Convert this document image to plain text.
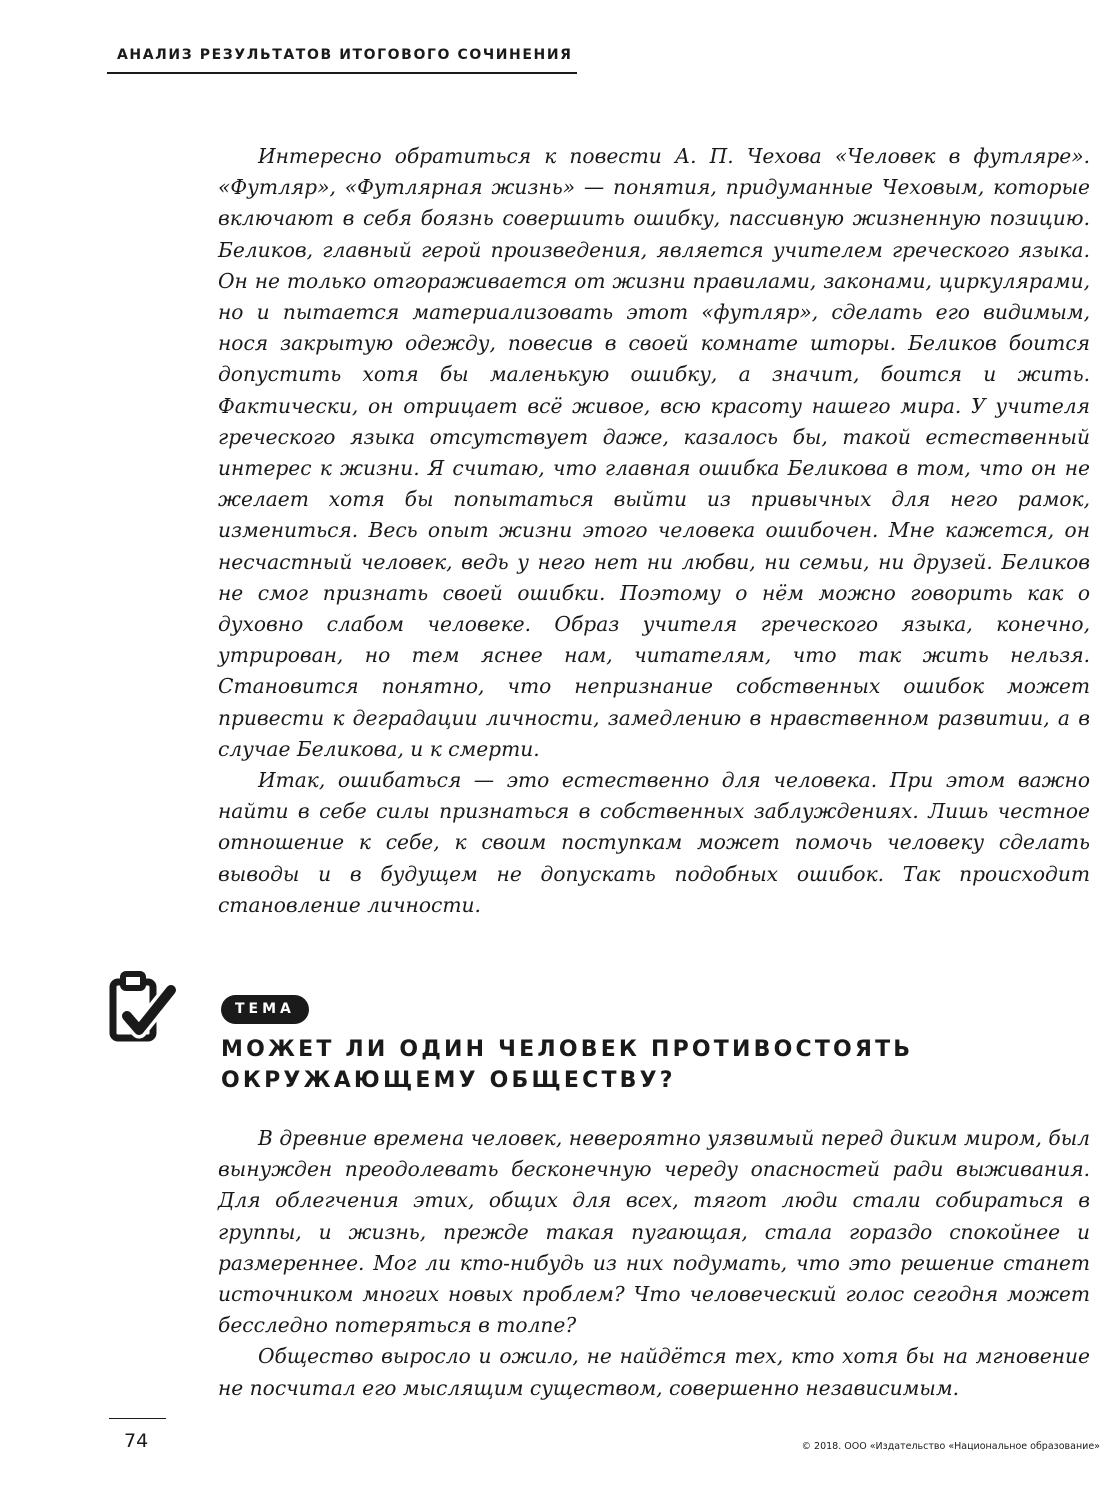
АНАЛИЗ РЕЗУЛЬТАТОВ ИТОГОВОГО СОЧИНЕНИЯ

Интересно обратиться к повести А. П. Чехова «Человек в футляре». «Футляр», «Футлярная жизнь» — понятия, придуманные Чеховым, которые включают в себя боязнь совершить ошибку, пассивную жизненную позицию. Беликов, главный герой произведения, является учителем греческого языка. Он не только отгораживается от жизни правилами, законами, циркулярами, но и пытается материализовать этот «футляр», сделать его видимым, нося закрытую одежду, повесив в своей комнате шторы. Беликов боится допустить хотя бы маленькую ошибку, а значит, боится и жить. Фактически, он отрицает всё живое, всю красоту нашего мира. У учителя греческого языка отсутствует даже, казалось бы, такой естественный интерес к жизни. Я считаю, что главная ошибка Беликова в том, что он не желает хотя бы попытаться выйти из привычных для него рамок, измениться. Весь опыт жизни этого человека ошибочен. Мне кажется, он несчастный человек, ведь у него нет ни любви, ни семьи, ни друзей. Беликов не смог признать своей ошибки. Поэтому о нём можно говорить как о духовно слабом человеке. Образ учителя греческого языка, конечно, утрирован, но тем яснее нам, читателям, что так жить нельзя. Становится понятно, что непризнание собственных ошибок может привести к деградации личности, замедлению в нравственном развитии, а в случае Беликова, и к смерти.

Итак, ошибаться — это естественно для человека. При этом важно найти в себе силы признаться в собственных заблуждениях. Лишь честное отношение к себе, к своим поступкам может помочь человеку сделать выводы и в будущем не допускать подобных ошибок. Так происходит становление личности.

ТЕМА
МОЖЕТ ЛИ ОДИН ЧЕЛОВЕК ПРОТИВОСТОЯТЬ
ОКРУЖАЮЩЕМУ ОБЩЕСТВУ?

В древние времена человек, невероятно уязвимый перед диким миром, был вынужден преодолевать бесконечную череду опасностей ради выживания. Для облегчения этих, общих для всех, тягот люди стали собираться в группы, и жизнь, прежде такая пугающая, стала гораздо спокойнее и размереннее. Мог ли кто-нибудь из них подумать, что это решение станет источником многих новых проблем? Что человеческий голос сегодня может бесследно потеряться в толпе?

Общество выросло и ожило, не найдётся тех, кто хотя бы на мгновение не посчитал его мыслящим существом, совершенно независимым.

74	© 2018. ООО «Издательство «Национальное образование»
